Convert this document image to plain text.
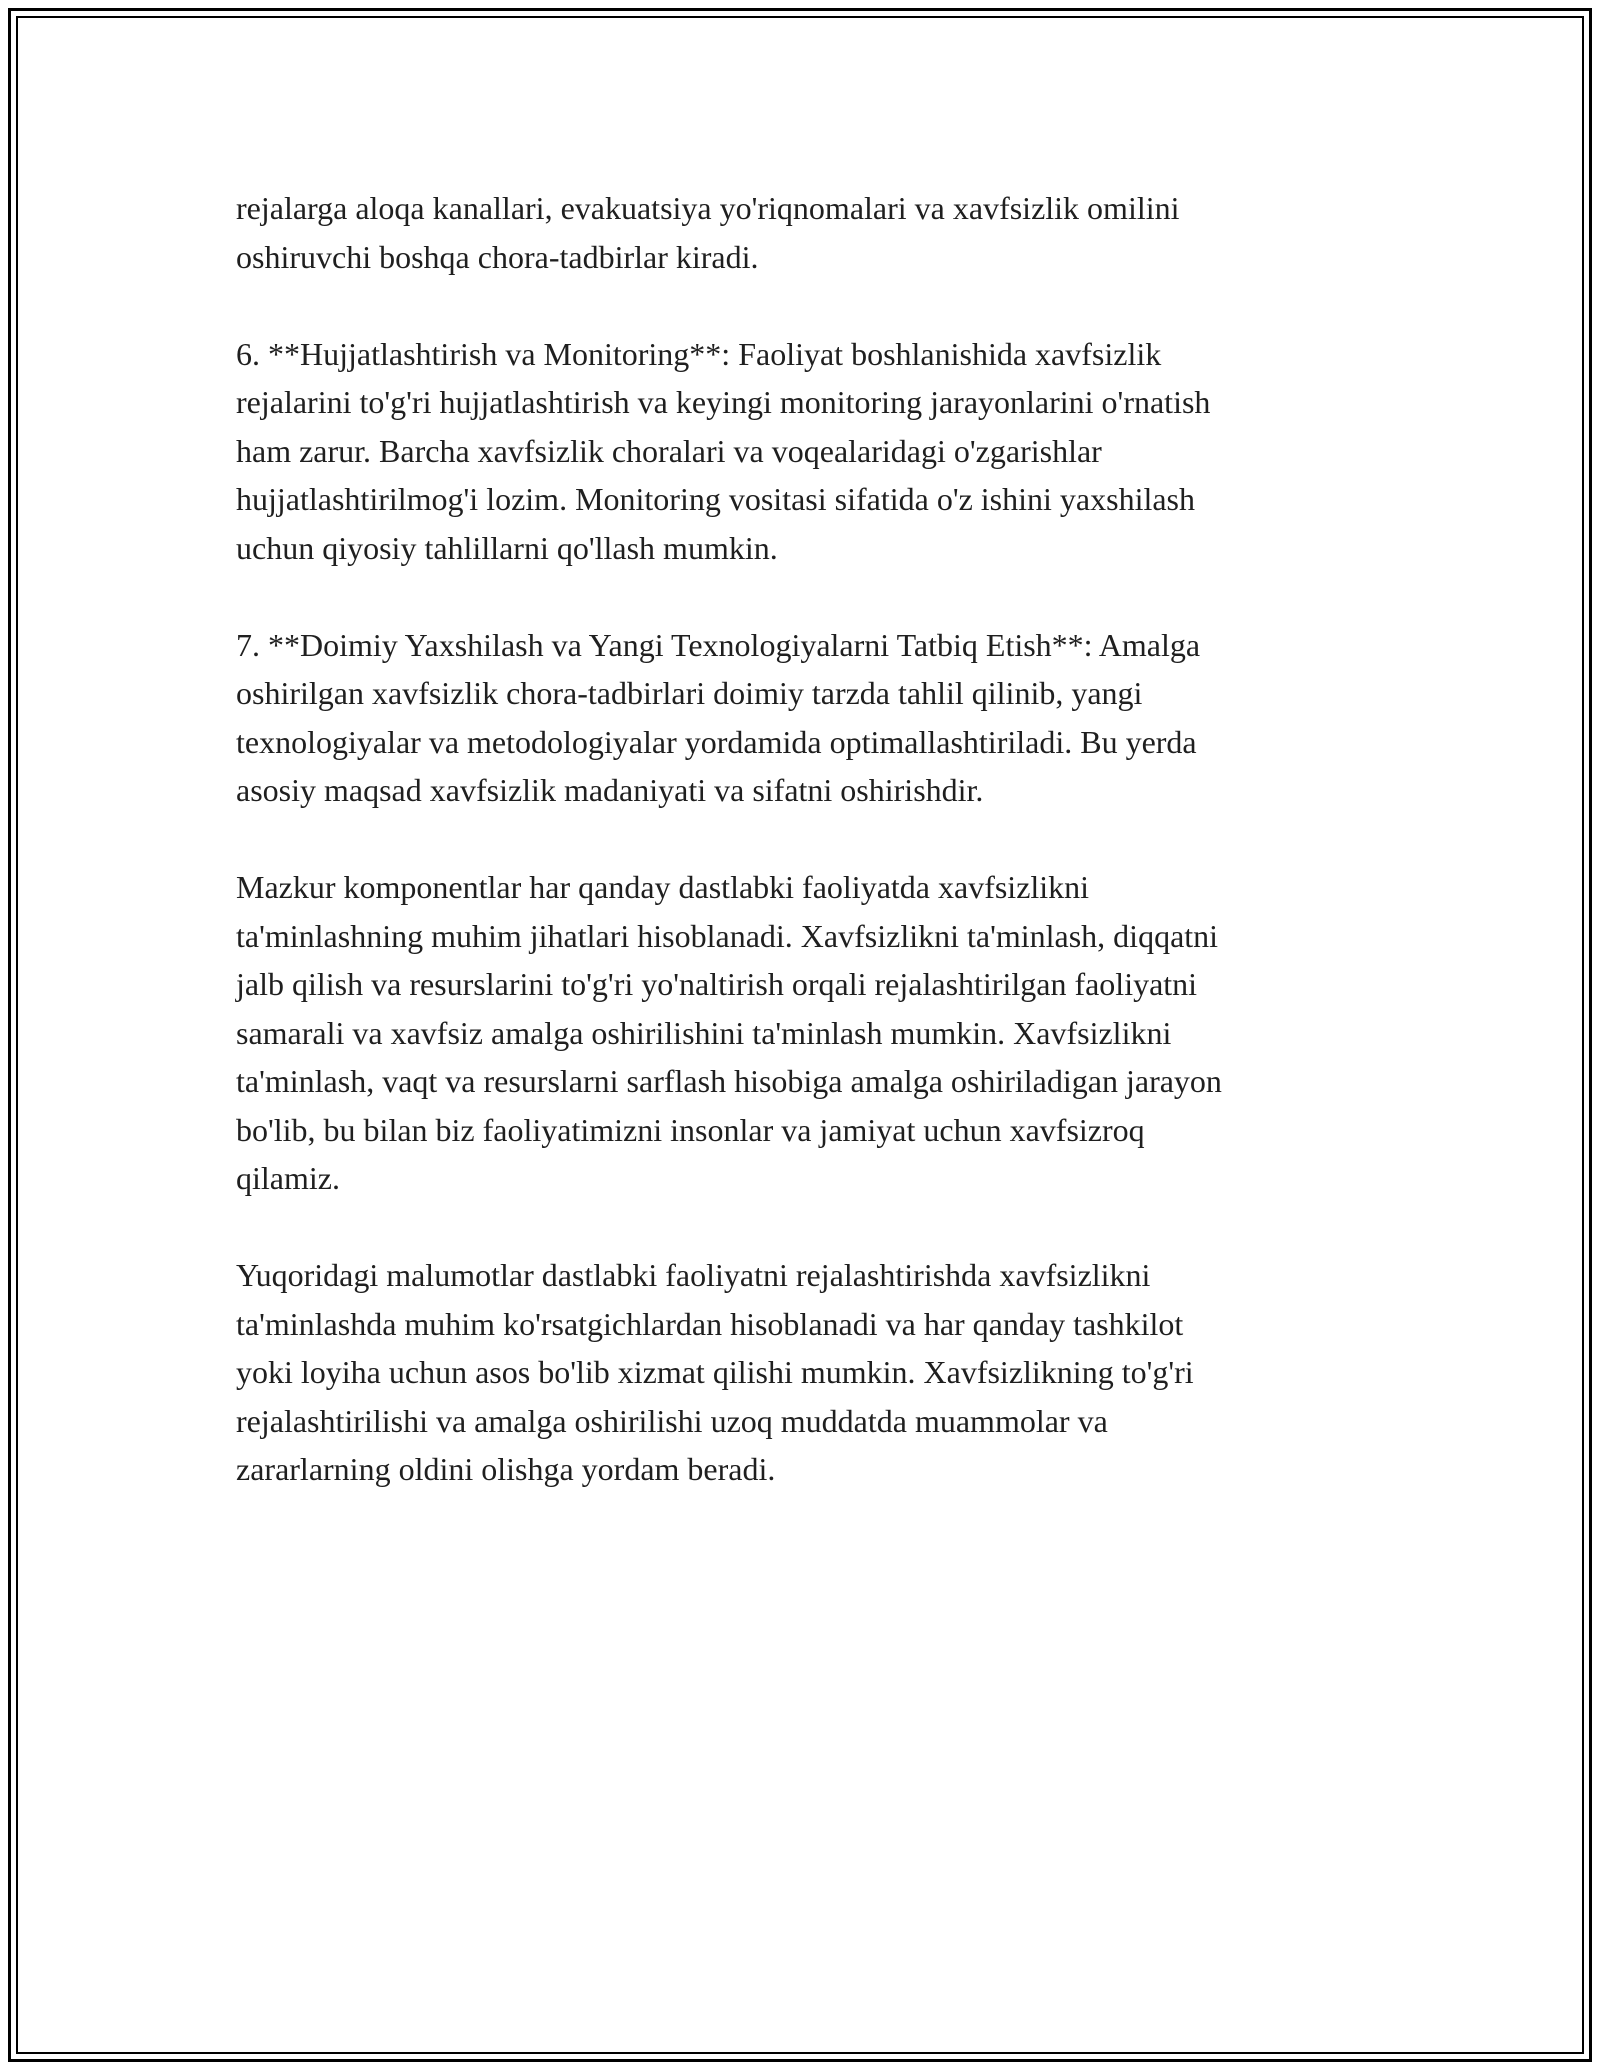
rejalarga aloqa kanallari, evakuatsiya yo'riqnomalari va xavfsizlik omilini
oshiruvchi boshqa chora-tadbirlar kiradi.

6. **Hujjatlashtirish va Monitoring**: Faoliyat boshlanishida xavfsizlik
rejalarini to'g'ri hujjatlashtirish va keyingi monitoring jarayonlarini o'rnatish
ham zarur. Barcha xavfsizlik choralari va voqealaridagi o'zgarishlar
hujjatlashtirilmog'i lozim. Monitoring vositasi sifatida o'z ishini yaxshilash
uchun qiyosiy tahlillarni qo'llash mumkin.

7. **Doimiy Yaxshilash va Yangi Texnologiyalarni Tatbiq Etish**: Amalga
oshirilgan xavfsizlik chora-tadbirlari doimiy tarzda tahlil qilinib, yangi
texnologiyalar va metodologiyalar yordamida optimallashtiriladi. Bu yerda
asosiy maqsad xavfsizlik madaniyati va sifatni oshirishdir.

Mazkur komponentlar har qanday dastlabki faoliyatda xavfsizlikni
ta'minlashning muhim jihatlari hisoblanadi. Xavfsizlikni ta'minlash, diqqatni
jalb qilish va resurslarini to'g'ri yo'naltirish orqali rejalashtirilgan faoliyatni
samarali va xavfsiz amalga oshirilishini ta'minlash mumkin. Xavfsizlikni
ta'minlash, vaqt va resurslarni sarflash hisobiga amalga oshiriladigan jarayon
bo'lib, bu bilan biz faoliyatimizni insonlar va jamiyat uchun xavfsizroq
qilamiz.

Yuqoridagi malumotlar dastlabki faoliyatni rejalashtirishda xavfsizlikni
ta'minlashda muhim ko'rsatgichlardan hisoblanadi va har qanday tashkilot
yoki loyiha uchun asos bo'lib xizmat qilishi mumkin. Xavfsizlikning to'g'ri
rejalashtirilishi va amalga oshirilishi uzoq muddatda muammolar va
zararlarning oldini olishga yordam beradi.
